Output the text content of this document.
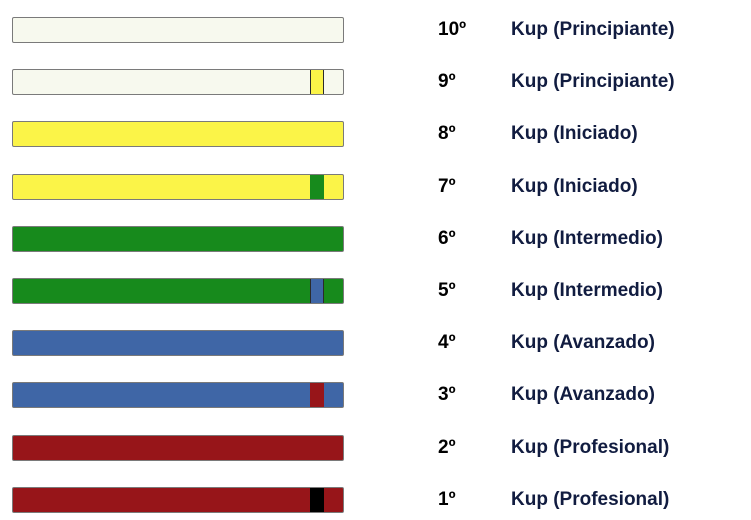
10º Kup (Principiante)
9º	Kup (Principiante)
8º	Kup (Iniciado)
7º	Kup (Iniciado)
6º	Kup (Intermedio)
5º	Kup (Intermedio)
4º	Kup (Avanzado)
3º	Kup (Avanzado)
2º	Kup (Profesional)
1º	Kup (Profesional)
